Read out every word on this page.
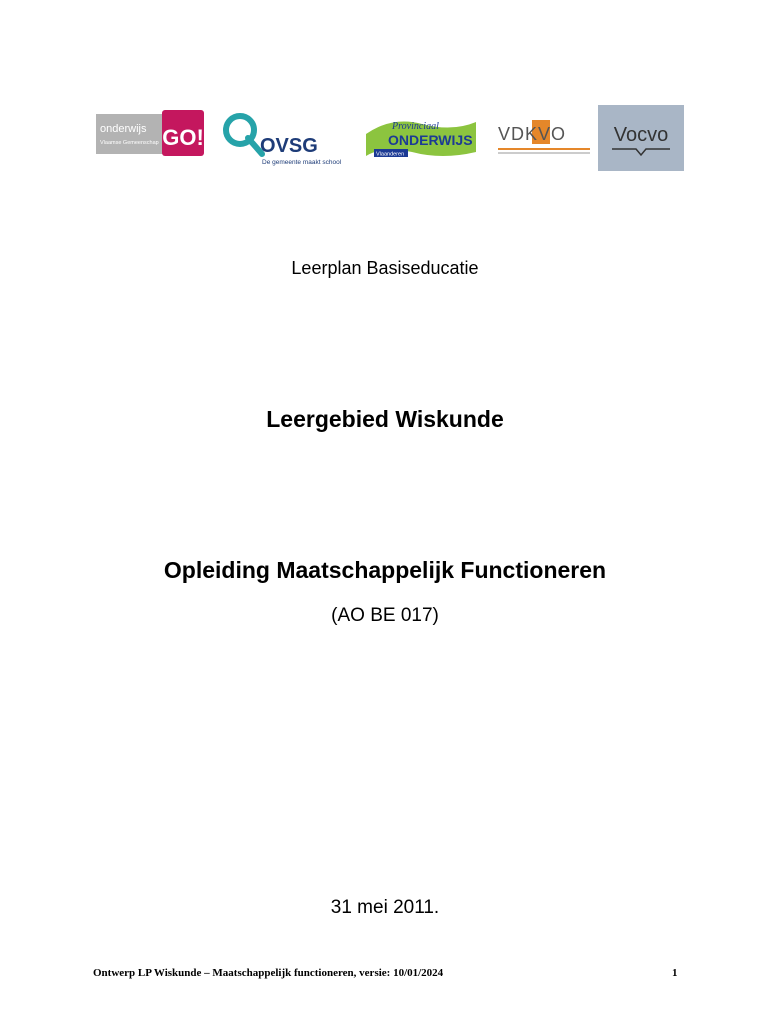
onderwijs
Vlaamse Gemeenschap GO!	OVSG
De gemeente maakt school
Provinciaal
ONDERWIJS
Vlaanderen
VDKVO Vocvo
Leerplan Basiseducatie
Leergebied Wiskunde
Opleiding Maatschappelijk Functioneren
(AO BE 017)
31 mei 2011.
Ontwerp LP Wiskunde – Maatschappelijk functioneren, versie: 10/01/2024	1
